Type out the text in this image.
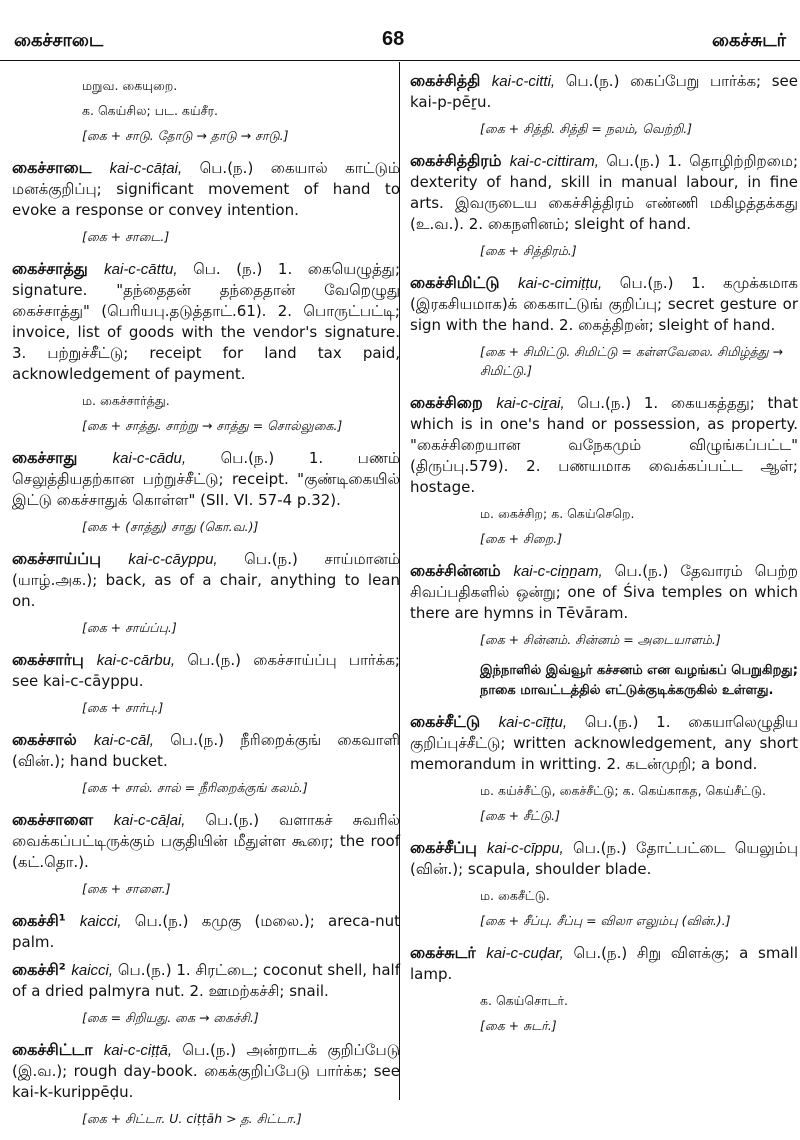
கைச்சாடை	68	கைச்சுடர்
மறுவ. கையுறை.
க. கெய்சில; பட. கய்சீர.
[கை + சாடு. தோடு → தாடு → சாடு.]
கைச்சாடை kai-c-cāṭai, பெ.(ந.) கையால் காட்டும் மனக்குறிப்பு; significant movement of hand to evoke a response or convey intention.
[கை + சாடை.]
கைச்சாத்து kai-c-cāttu, பெ. (ந.) 1. கையெழுத்து; signature. "தந்தைதன் தந்தைதான் வேறெழுது கைச்சாத்து" (பெரியபு.தடுத்தாட்.61). 2. பொருட்பட்டி; invoice, list of goods with the vendor's signature. 3. பற்றுச்சீட்டு; receipt for land tax paid, acknowledgement of payment.
ம. கைச்சார்த்து.
[கை + சாத்து. சாற்று → சாத்து = சொல்லுகை.]
கைச்சாது kai-c-cādu, பெ.(ந.) 1. பணம் செலுத்தியதற்கான பற்றுச்சீட்டு; receipt. "குண்டிகையில் இட்டு கைச்சாதுக் கொள்ள" (SII. VI. 57-4 p.32).
[கை + (சாத்து) சாது (கொ.வ.)]
கைச்சாய்ப்பு kai-c-cāyppu, பெ.(ந.) சாய்மானம் (யாழ்.அக.); back, as of a chair, anything to lean on.
[கை + சாய்ப்பு.]
கைச்சார்பு kai-c-cārbu, பெ.(ந.) கைச்சாய்ப்பு பார்க்க; see kai-c-cāyppu.
[கை + சார்பு.]
கைச்சால் kai-c-cāl, பெ.(ந.) நீரிறைக்குங் கைவாளி (வின்.); hand bucket.
[கை + சால். சால் = நீரிறைக்குங் கலம்.]
கைச்சாளை kai-c-cāḷai, பெ.(ந.) வளாகச் சுவரில் வைக்கப்பட்டிருக்கும் பகுதியின் மீதுள்ள கூரை; the roof (கட்.தொ.).
[கை + சாளை.]
கைச்சி¹ kaicci, பெ.(ந.) கமுகு (மலை.); areca-nut palm.
கைச்சி² kaicci, பெ.(ந.) 1. சிரட்டை; coconut shell, half of a dried palmyra nut. 2. ஊமற்கச்சி; snail.
[கை = சிறியது. கை → கைச்சி.]
கைச்சிட்டா kai-c-ciṭṭā, பெ.(ந.) அன்றாடக் குறிப்பேடு (இ.வ.); rough day-book. கைக்குறிப்பேடு பார்க்க; see kai-k-kurippēḍu.
[கை + சிட்டா. U. ciṭṭāh > த. சிட்டா.]
கைச்சித்தி kai-c-citti, பெ.(ந.) கைப்பேறு பார்க்க; see kai-p-pēṟu.
[கை + சித்தி. சித்தி = நலம், வெற்றி.]
கைச்சித்திரம் kai-c-cittiram, பெ.(ந.) 1. தொழிற்றிறமை; dexterity of hand, skill in manual labour, in fine arts. இவருடைய கைச்சித்திரம் எண்ணி மகிழத்தக்கது (உ.வ.). 2. கைநளினம்; sleight of hand.
[கை + சித்திரம்.]
கைச்சிமிட்டு kai-c-cimiṭṭu, பெ.(ந.) 1. கமுக்கமாக (இரகசியமாக)க் கைகாட்டுங் குறிப்பு; secret gesture or sign with the hand. 2. கைத்திறன்; sleight of hand.
[கை + சிமிட்டு. சிமிட்டு = கள்ளவேலை. சிமிழ்த்து → சிமிட்டு.]
கைச்சிறை kai-c-ciṟai, பெ.(ந.) 1. கையகத்தது; that which is in one's hand or possession, as property. "கைச்சிறையான வநேகமும் விழுங்கப்பட்ட" (திருப்பு.579). 2. பணயமாக வைக்கப்பட்ட ஆள்; hostage.
ம. கைச்சிற; க. கெய்செறெ.
[கை + சிறை.]
கைச்சின்னம் kai-c-ciṉṉam, பெ.(ந.) தேவாரம் பெற்ற சிவப்பதிகளில் ஒன்று; one of Śiva temples on which there are hymns in Tēvāram.
[கை + சின்னம். சின்னம் = அடையாளம்.]
இந்நாளில் இவ்வூர் கச்சனம் என வழங்கப் பெறுகிறது; நாகை மாவட்டத்தில் எட்டுக்குடிக்கருகில் உள்ளது.
கைச்சீட்டு kai-c-cīṭṭu, பெ.(ந.) 1. கையாலெழுதிய குறிப்புச்சீட்டு; written acknowledgement, any short memorandum in writting. 2. கடன்முறி; a bond.
ம. கய்ச்சீட்டு, கைச்சீட்டு; க. கெய்காகத, கெய்சீட்டு.
[கை + சீட்டு.]
கைச்சீப்பு kai-c-cīppu, பெ.(ந.) தோட்பட்டை யெலும்பு (வின்.); scapula, shoulder blade.
ம. கைசீட்டு.
[கை + சீப்பு. சீப்பு = விலா எலும்பு (வின்.).]
கைச்சுடர் kai-c-cuḍar, பெ.(ந.) சிறு விளக்கு; a small lamp.
க. கெய்சொடர்.
[கை + சுடர்.]
